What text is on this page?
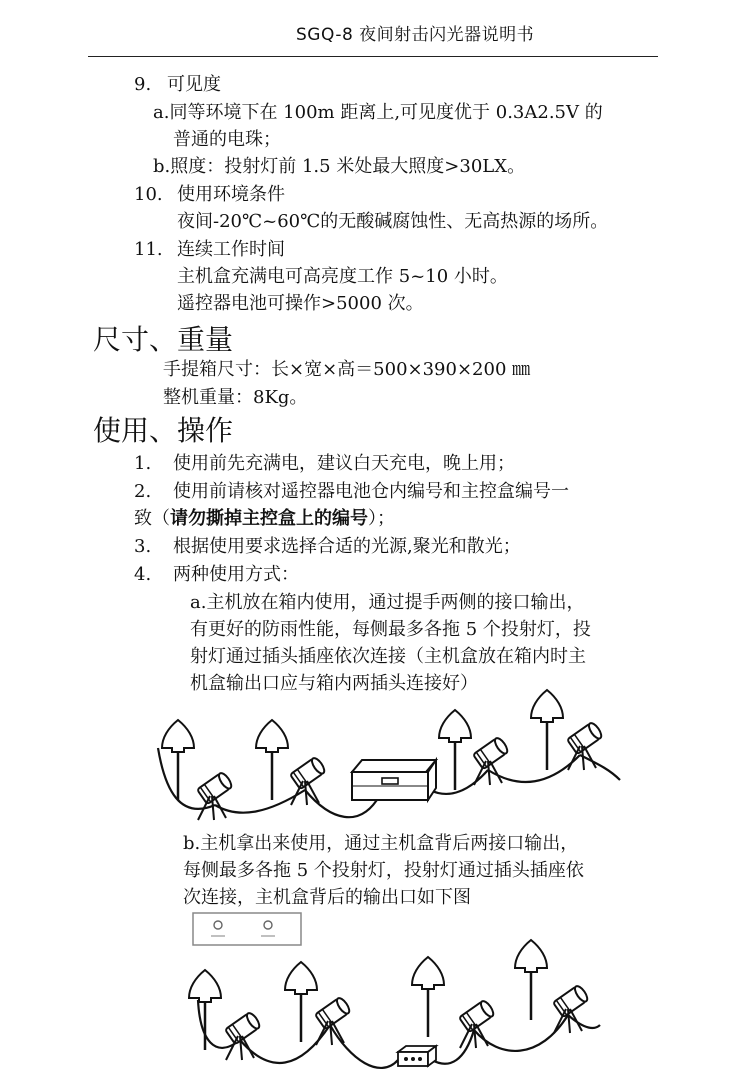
SGQ-8 夜间射击闪光器说明书
9. 可见度
a.同等环境下在 100m 距离上,可见度优于 0.3A2.5V 的
普通的电珠；
b.照度：投射灯前 1.5 米处最大照度>30LX。
10. 使用环境条件
夜间-20℃~60℃的无酸碱腐蚀性、无高热源的场所。
11. 连续工作时间
主机盒充满电可高亮度工作 5~10 小时。
遥控器电池可操作>5000 次。
尺寸、重量
手提箱尺寸：长×宽×高＝500×390×200 ㎜
整机重量：8Kg。
使用、操作
1. 使用前先充满电，建议白天充电，晚上用；
2. 使用前请核对遥控器电池仓内编号和主控盒编号一
致（请勿撕掉主控盒上的编号）；
3. 根据使用要求选择合适的光源,聚光和散光；
4. 两种使用方式：
a.主机放在箱内使用，通过提手两侧的接口输出，
有更好的防雨性能，每侧最多各拖 5 个投射灯，投
射灯通过插头插座依次连接（主机盒放在箱内时主
机盒输出口应与箱内两插头连接好）
b.主机拿出来使用，通过主机盒背后两接口输出，
每侧最多各拖 5 个投射灯，投射灯通过插头插座依
次连接，主机盒背后的输出口如下图
